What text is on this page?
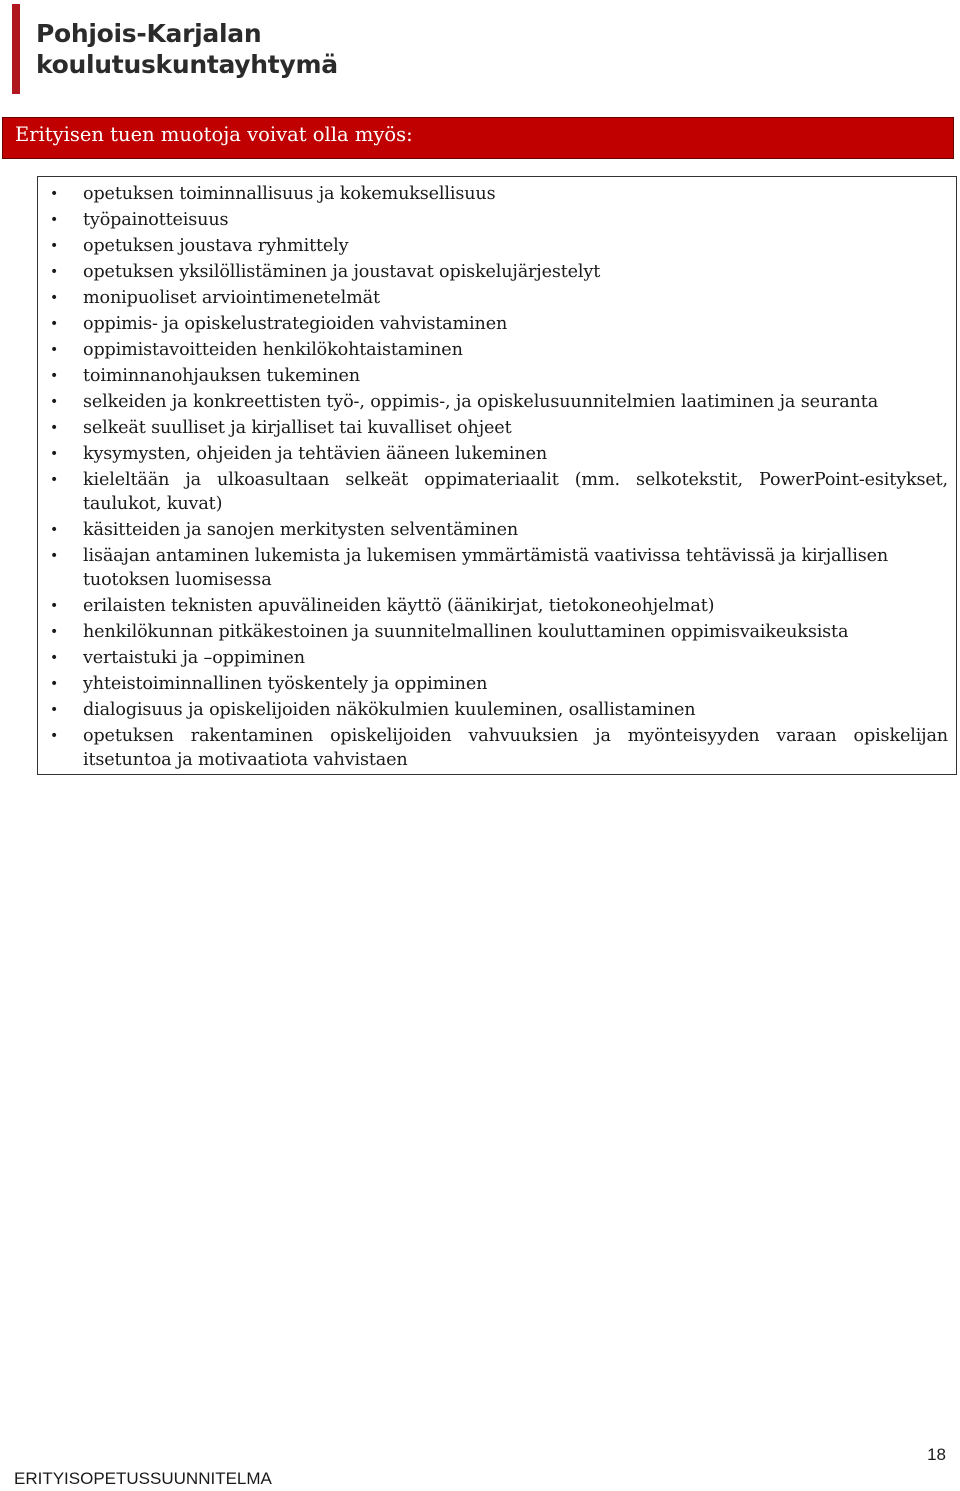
Pohjois-Karjalan
koulutuskuntayhtymä
Erityisen tuen muotoja voivat olla myös:
• opetuksen toiminnallisuus ja kokemuksellisuus
• työpainotteisuus
• opetuksen joustava ryhmittely
• opetuksen yksilöllistäminen ja joustavat opiskelujärjestelyt
• monipuoliset arviointimenetelmät
• oppimis- ja opiskelustrategioiden vahvistaminen
• oppimistavoitteiden henkilökohtaistaminen
• toiminnanohjauksen tukeminen
• selkeiden ja konkreettisten työ-, oppimis-, ja opiskelusuunnitelmien laatiminen ja seuranta
• selkeät suulliset ja kirjalliset tai kuvalliset ohjeet
• kysymysten, ohjeiden ja tehtävien ääneen lukeminen
• kieleltään ja ulkoasultaan selkeät oppimateriaalit (mm. selkotekstit, PowerPoint-esitykset, taulukot, kuvat)
• käsitteiden ja sanojen merkitysten selventäminen
• lisäajan antaminen lukemista ja lukemisen ymmärtämistä vaativissa tehtävissä ja kirjallisen tuotoksen luomisessa
• erilaisten teknisten apuvälineiden käyttö (äänikirjat, tietokoneohjelmat)
• henkilökunnan pitkäkestoinen ja suunnitelmallinen kouluttaminen oppimisvaikeuksista
• vertaistuki ja –oppiminen
• yhteistoiminnallinen työskentely ja oppiminen
• dialogisuus ja opiskelijoiden näkökulmien kuuleminen, osallistaminen
• opetuksen rakentaminen opiskelijoiden vahvuuksien ja myönteisyyden varaan opiskelijan itsetuntoa ja motivaatiota vahvistaen
18
ERITYISOPETUSSUUNNITELMA
